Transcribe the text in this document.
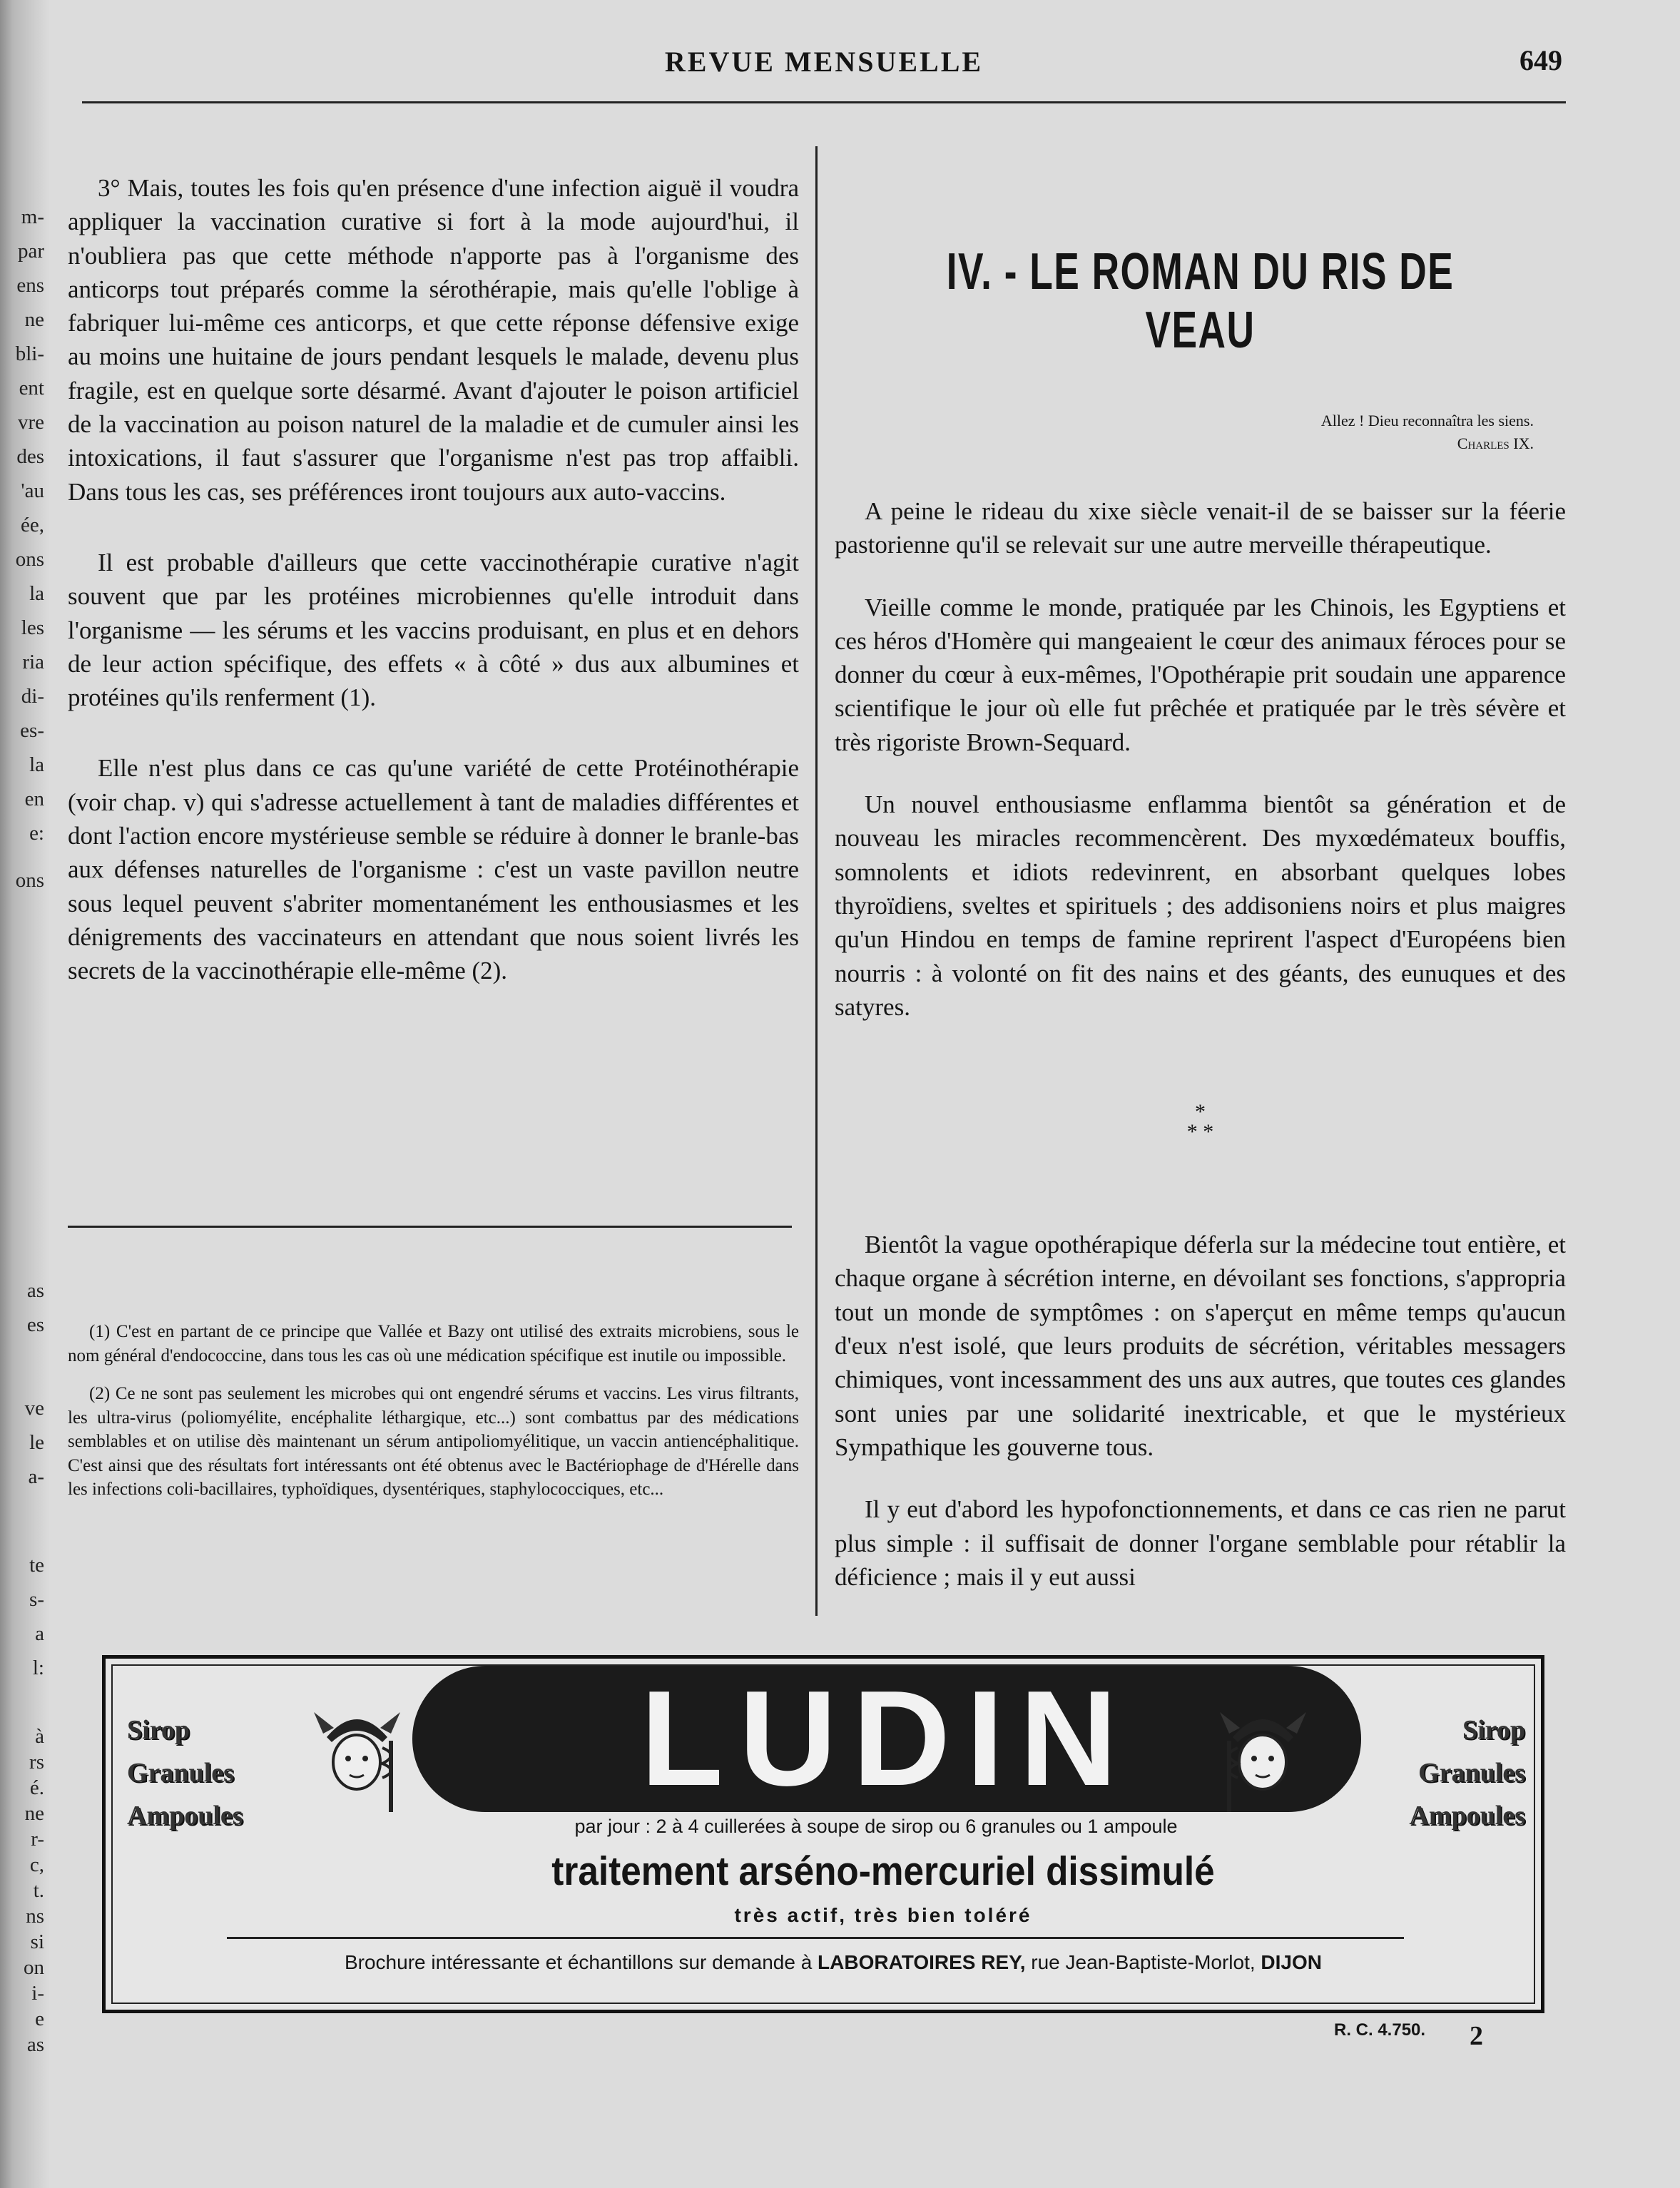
m-
par
ens
ne
bli-
ent
vre
des
'au
ée,
ons
la
les
ria
di-
es-
la
en
e:
ons
as
es
ve
le
a-
te
s-
a
l:
à
rs
é.
ne
r-
c,
t.
ns
si
on
i-
e
as
REVUE MENSUELLE	649

3° Mais, toutes les fois qu'en présence d'une infection aiguë il voudra appliquer la vaccination curative si fort à la mode aujourd'hui, il n'oubliera pas que cette méthode n'apporte pas à l'organisme des anticorps tout préparés comme la sérothérapie, mais qu'elle l'oblige à fabriquer lui-même ces anticorps, et que cette réponse défensive exige au moins une huitaine de jours pendant lesquels le malade, devenu plus fragile, est en quelque sorte désarmé. Avant d'ajouter le poison artificiel de la vaccination au poison naturel de la maladie et de cumuler ainsi les intoxications, il faut s'assurer que l'organisme n'est pas trop affaibli. Dans tous les cas, ses préférences iront toujours aux auto-vaccins.

Il est probable d'ailleurs que cette vaccinothérapie curative n'agit souvent que par les protéines microbiennes qu'elle introduit dans l'organisme — les sérums et les vaccins produisant, en plus et en dehors de leur action spécifique, des effets « à côté » dus aux albumines et protéines qu'ils renferment (1).

Elle n'est plus dans ce cas qu'une variété de cette Protéinothérapie (voir chap. v) qui s'adresse actuellement à tant de maladies différentes et dont l'action encore mystérieuse semble se réduire à donner le branle-bas aux défenses naturelles de l'organisme : c'est un vaste pavillon neutre sous lequel peuvent s'abriter momentanément les enthousiasmes et les dénigrements des vaccinateurs en attendant que nous soient livrés les secrets de la vaccinothérapie elle-même (2).

(1) C'est en partant de ce principe que Vallée et Bazy ont utilisé des extraits microbiens, sous le nom général d'endococcine, dans tous les cas où une médication spécifique est inutile ou impossible.

(2) Ce ne sont pas seulement les microbes qui ont engendré sérums et vaccins. Les virus filtrants, les ultra-virus (poliomyélite, encéphalite léthargique, etc...) sont combattus par des médications semblables et on utilise dès maintenant un sérum antipoliomyélitique, un vaccin antiencéphalitique. C'est ainsi que des résultats fort intéressants ont été obtenus avec le Bactériophage de d'Hérelle dans les infections coli-bacillaires, typhoïdiques, dysentériques, staphylococciques, etc...

IV. - LE ROMAN DU RIS DE VEAU
Allez ! Dieu reconnaîtra les siens.
Charles IX.

A peine le rideau du xixe siècle venait-il de se baisser sur la féerie pastorienne qu'il se relevait sur une autre merveille thérapeutique.

Vieille comme le monde, pratiquée par les Chinois, les Egyptiens et ces héros d'Homère qui mangeaient le cœur des animaux féroces pour se donner du cœur à eux-mêmes, l'Opothérapie prit soudain une apparence scientifique le jour où elle fut prêchée et pratiquée par le très sévère et très rigoriste Brown-Sequard.

Un nouvel enthousiasme enflamma bientôt sa génération et de nouveau les miracles recommencèrent. Des myxœdémateux bouffis, somnolents et idiots redevinrent, en absorbant quelques lobes thyroïdiens, sveltes et spirituels ; des addisoniens noirs et plus maigres qu'un Hindou en temps de famine reprirent l'aspect d'Européens bien nourris : à volonté on fit des nains et des géants, des eunuques et des satyres.

*
* *

Bientôt la vague opothérapique déferla sur la médecine tout entière, et chaque organe à sécrétion interne, en dévoilant ses fonctions, s'appropria tout un monde de symptômes : on s'aperçut en même temps qu'aucun d'eux n'est isolé, que leurs produits de sécrétion, véritables messagers chimiques, vont incessamment des uns aux autres, que toutes ces glandes sont unies par une solidarité inextricable, et que le mystérieux Sympathique les gouverne tous.

Il y eut d'abord les hypofonctionnements, et dans ce cas rien ne parut plus simple : il suffisait de donner l'organe semblable pour rétablir la déficience ; mais il y eut aussi

Sirop
Granules
Ampoules
Sirop
Granules
Ampoules
LUDIN
par jour : 2 à 4 cuillerées à soupe de sirop ou 6 granules ou 1 ampoule
traitement arséno-mercuriel dissimulé
très actif, très bien toléré
Brochure intéressante et échantillons sur demande à LABORATOIRES REY, rue Jean-Baptiste-Morlot, DIJON
R. C. 4.750. 2
